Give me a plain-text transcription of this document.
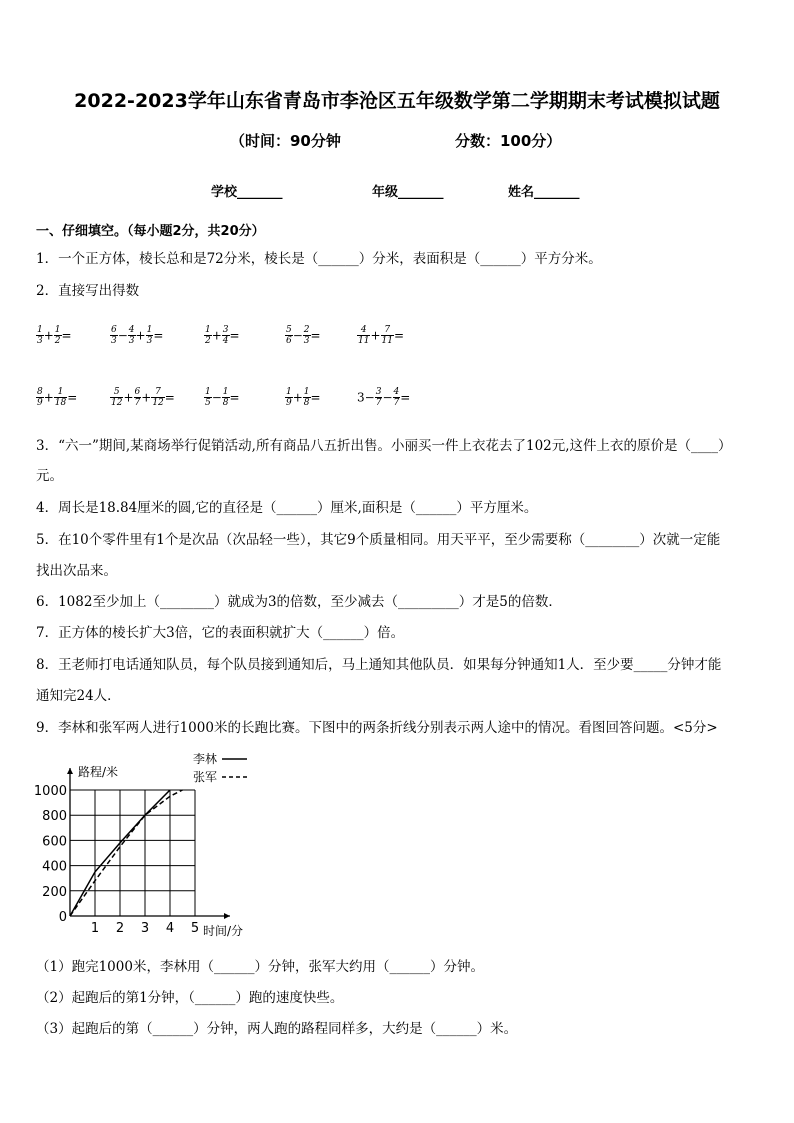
2022-2023学年山东省青岛市李沧区五年级数学第二学期期末考试模拟试题
（时间：90分钟	分数：100分）
学校_______	年级_______	姓名_______
一、仔细填空。（每小题2分，共20分）
1．一个正方体，棱长总和是72分米，棱长是（______）分米，表面积是（______）平方分米。
2．直接写出得数
$\frac{1}{3} + \frac{1}{2}$ =	$\frac{6}{3} - \frac{4}{3} + \frac{1}{3}$ =	$\frac{1}{2} + \frac{3}{4}$ =	$\frac{5}{6} - \frac{2}{3}$ =	$\frac{4}{11} + \frac{7}{11}$ =
$\frac{8}{9} + \frac{1}{18}$ =	$\frac{5}{12} + \frac{6}{7} + \frac{7}{12}$ =	$\frac{1}{5} - \frac{1}{8}$ =	$\frac{1}{9} + \frac{1}{8}$ =	$3- \frac{3}{7} - \frac{4}{7}$ =
3．“六一”期间,某商场举行促销活动,所有商品八五折出售。小丽买一件上衣花去了102元,这件上衣的原价是（____）
元。
4．周长是18.84厘米的圆,它的直径是（______）厘米,面积是（______）平方厘米。
5．在10个零件里有1个是次品（次品轻一些），其它9个质量相同。用天平平，至少需要称（________）次就一定能
找出次品来。
6．1082至少加上（________）就成为3的倍数，至少减去（_________）才是5的倍数．
7．正方体的棱长扩大3倍，它的表面积就扩大（______）倍。
8．王老师打电话通知队员，每个队员接到通知后，马上通知其他队员．如果每分钟通知1人．至少要_____分钟才能
通知完24人．
9．李林和张军两人进行1000米的长跑比赛。下图中的两条折线分别表示两人途中的情况。看图回答问题。<5分>
1 2 3 4 5
0
200
400
600
800
1000
路程/米
时间/分
李林
张军
（1）跑完1000米，李林用（______）分钟，张军大约用（______）分钟。
（2）起跑后的第1分钟，（______）跑的速度快些。
（3）起跑后的第（______）分钟，两人跑的路程同样多，大约是（______）米。
